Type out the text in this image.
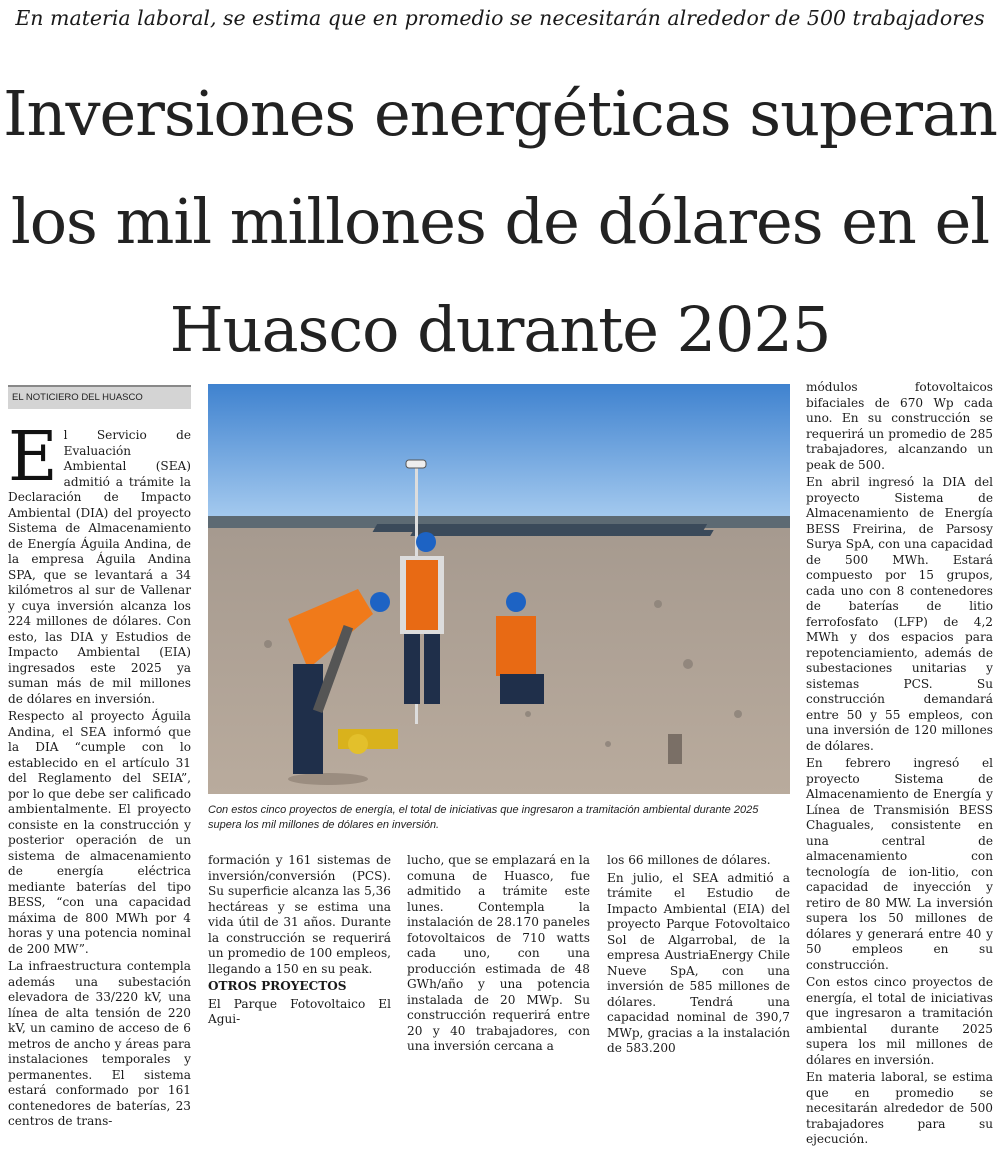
En materia laboral, se estima que en promedio se necesitarán alrededor de 500 trabajadores
Inversiones energéticas superan
los mil millones de dólares en el
Huasco durante 2025
EL NOTICIERO DEL HUASCO

El Servicio de Evaluación Ambiental (SEA) admitió a trámite la Declaración de Impacto Ambiental (DIA) del proyecto Sistema de Almacenamiento de Energía Águila Andina, de la empresa Águila Andina SPA, que se levantará a 34 kilómetros al sur de Vallenar y cuya inversión alcanza los 224 millones de dólares. Con esto, las DIA y Estudios de Impacto Ambiental (EIA) ingresados este 2025 ya suman más de mil millones de dólares en inversión.

Respecto al proyecto Águila Andina, el SEA informó que la DIA “cumple con lo establecido en el artículo 31 del Reglamento del SEIA”, por lo que debe ser calificado ambientalmente. El proyecto consiste en la construcción y posterior operación de un sistema de almacenamiento de energía eléctrica mediante baterías del tipo BESS, “con una capacidad máxima de 800 MWh por 4 horas y una potencia nominal de 200 MW”.

La infraestructura contempla además una subestación elevadora de 33/220 kV, una línea de alta tensión de 220 kV, un camino de acceso de 6 metros de ancho y áreas para instalaciones temporales y permanentes. El sistema estará conformado por 161 contenedores de baterías, 23 centros de trans-

Con estos cinco proyectos de energía, el total de iniciativas que ingresaron a tramitación ambiental durante 2025 supera los mil millones de dólares en inversión.

formación y 161 sistemas de inversión/conversión (PCS). Su superficie alcanza las 5,36 hectáreas y se estima una vida útil de 31 años. Durante la construcción se requerirá un promedio de 100 empleos, llegando a 150 en su peak.

OTROS PROYECTOS

El Parque Fotovoltaico El Agui-

lucho, que se emplazará en la comuna de Huasco, fue admitido a trámite este lunes. Contempla la instalación de 28.170 paneles fotovoltaicos de 710 watts cada uno, con una producción estimada de 48 GWh/año y una potencia instalada de 20 MWp. Su construcción requerirá entre 20 y 40 trabajadores, con una inversión cercana a

los 66 millones de dólares.

En julio, el SEA admitió a trámite el Estudio de Impacto Ambiental (EIA) del proyecto Parque Fotovoltaico Sol de Algarrobal, de la empresa AustriaEnergy Chile Nueve SpA, con una inversión de 585 millones de dólares. Tendrá una capacidad nominal de 390,7 MWp, gracias a la instalación de 583.200

módulos fotovoltaicos bifaciales de 670 Wp cada uno. En su construcción se requerirá un promedio de 285 trabajadores, alcanzando un peak de 500.

En abril ingresó la DIA del proyecto Sistema de Almacenamiento de Energía BESS Freirina, de Parsosy Surya SpA, con una capacidad de 500 MWh. Estará compuesto por 15 grupos, cada uno con 8 contenedores de baterías de litio ferrofosfato (LFP) de 4,2 MWh y dos espacios para repotenciamiento, además de subestaciones unitarias y sistemas PCS. Su construcción demandará entre 50 y 55 empleos, con una inversión de 120 millones de dólares.

En febrero ingresó el proyecto Sistema de Almacenamiento de Energía y Línea de Transmisión BESS Chaguales, consistente en una central de almacenamiento con tecnología de ion-litio, con capacidad de inyección y retiro de 80 MW. La inversión supera los 50 millones de dólares y generará entre 40 y 50 empleos en su construcción.

Con estos cinco proyectos de energía, el total de iniciativas que ingresaron a tramitación ambiental durante 2025 supera los mil millones de dólares en inversión.

En materia laboral, se estima que en promedio se necesitarán alrededor de 500 trabajadores para su ejecución.
